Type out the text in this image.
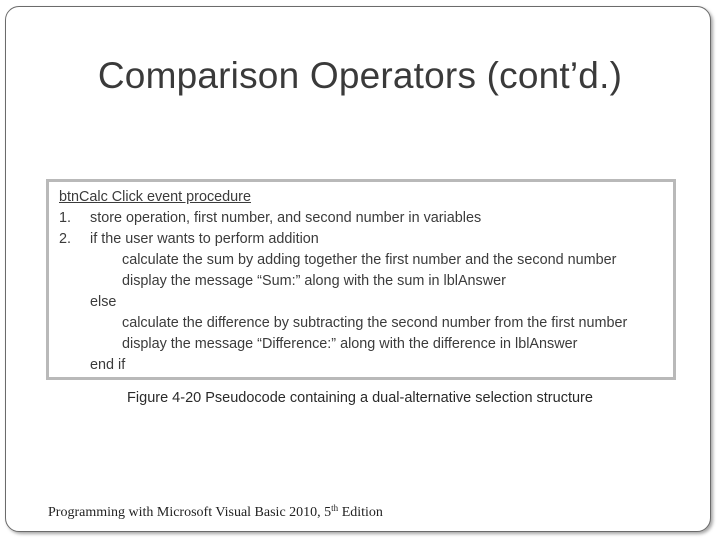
Comparison Operators (cont’d.)
btnCalc Click event procedure
1. store operation, first number, and second number in variables
2. if the user wants to perform addition
calculate the sum by adding together the first number and the second number
display the message “Sum:” along with the sum in lblAnswer
else
calculate the difference by subtracting the second number from the first number
display the message “Difference:” along with the difference in lblAnswer
end if

Figure 4-20 Pseudocode containing a dual-alternative selection structure

Programming with Microsoft Visual Basic 2010, 5th Edition
